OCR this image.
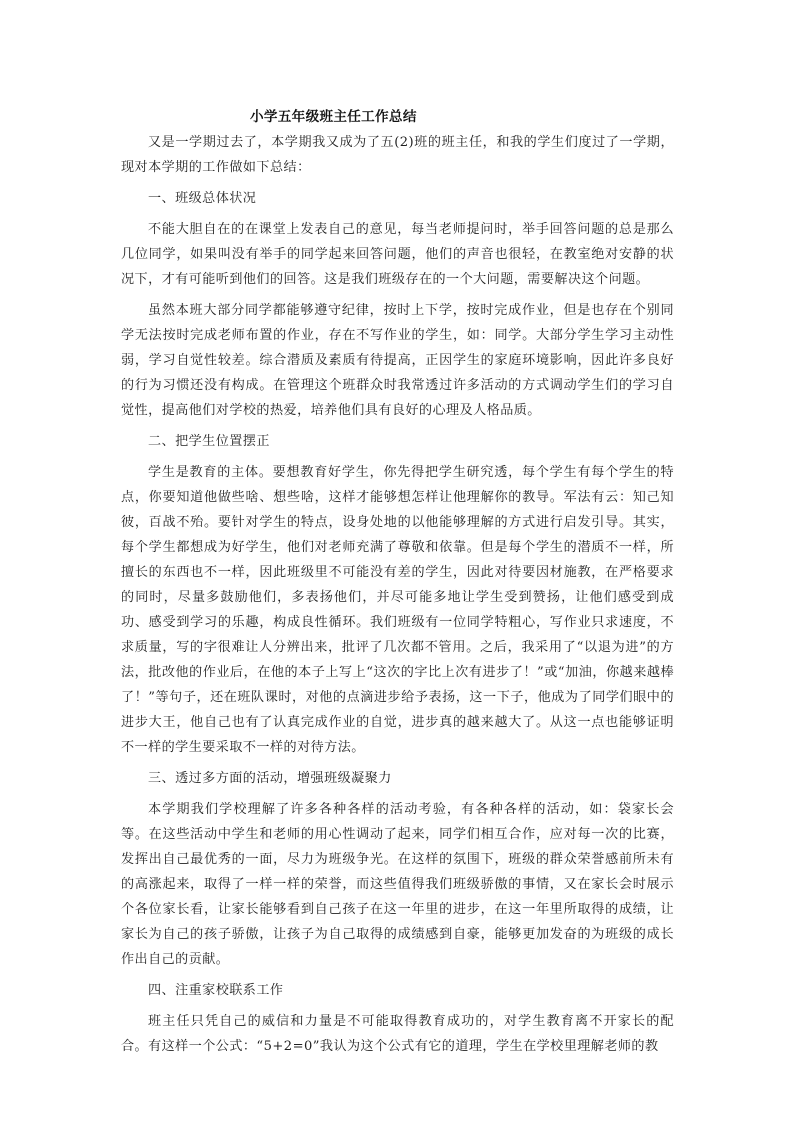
小学五年级班主任工作总结

又是一学期过去了，本学期我又成为了五(2)班的班主任，和我的学生们度过了一学期，现对本学期的工作做如下总结：

一、班级总体状况

不能大胆自在的在课堂上发表自己的意见，每当老师提问时，举手回答问题的总是那么几位同学，如果叫没有举手的同学起来回答问题，他们的声音也很轻，在教室绝对安静的状况下，才有可能听到他们的回答。这是我们班级存在的一个大问题，需要解决这个问题。

虽然本班大部分同学都能够遵守纪律，按时上下学，按时完成作业，但是也存在个别同学无法按时完成老师布置的作业，存在不写作业的学生，如：同学。大部分学生学习主动性弱，学习自觉性较差。综合潜质及素质有待提高，正因学生的家庭环境影响，因此许多良好的行为习惯还没有构成。在管理这个班群众时我常透过许多活动的方式调动学生们的学习自觉性，提高他们对学校的热爱，培养他们具有良好的心理及人格品质。

二、把学生位置摆正

学生是教育的主体。要想教育好学生，你先得把学生研究透，每个学生有每个学生的特点，你要知道他做些啥、想些啥，这样才能够想怎样让他理解你的教导。军法有云：知己知彼，百战不殆。要针对学生的特点，设身处地的以他能够理解的方式进行启发引导。其实，每个学生都想成为好学生，他们对老师充满了尊敬和依靠。但是每个学生的潜质不一样，所擅长的东西也不一样，因此班级里不可能没有差的学生，因此对待要因材施教，在严格要求的同时，尽量多鼓励他们，多表扬他们，并尽可能多地让学生受到赞扬，让他们感受到成功、感受到学习的乐趣，构成良性循环。我们班级有一位同学特粗心，写作业只求速度，不求质量，写的字很难让人分辨出来，批评了几次都不管用。之后，我采用了“以退为进”的方法，批改他的作业后，在他的本子上写上“这次的字比上次有进步了！”或“加油，你越来越棒了！”等句子，还在班队课时，对他的点滴进步给予表扬，这一下子，他成为了同学们眼中的进步大王，他自己也有了认真完成作业的自觉，进步真的越来越大了。从这一点也能够证明不一样的学生要采取不一样的对待方法。

三、透过多方面的活动，增强班级凝聚力

本学期我们学校理解了许多各种各样的活动考验，有各种各样的活动，如：袋家长会等。在这些活动中学生和老师的用心性调动了起来，同学们相互合作，应对每一次的比赛，发挥出自己最优秀的一面，尽力为班级争光。在这样的氛围下，班级的群众荣誉感前所未有的高涨起来，取得了一样一样的荣誉，而这些值得我们班级骄傲的事情，又在家长会时展示个各位家长看，让家长能够看到自己孩子在这一年里的进步，在这一年里所取得的成绩，让家长为自己的孩子骄傲，让孩子为自己取得的成绩感到自豪，能够更加发奋的为班级的成长作出自己的贡献。

四、注重家校联系工作

班主任只凭自己的威信和力量是不可能取得教育成功的，对学生教育离不开家长的配合。有这样一个公式：“5+2=0”我认为这个公式有它的道理，学生在学校里理解老师的教
